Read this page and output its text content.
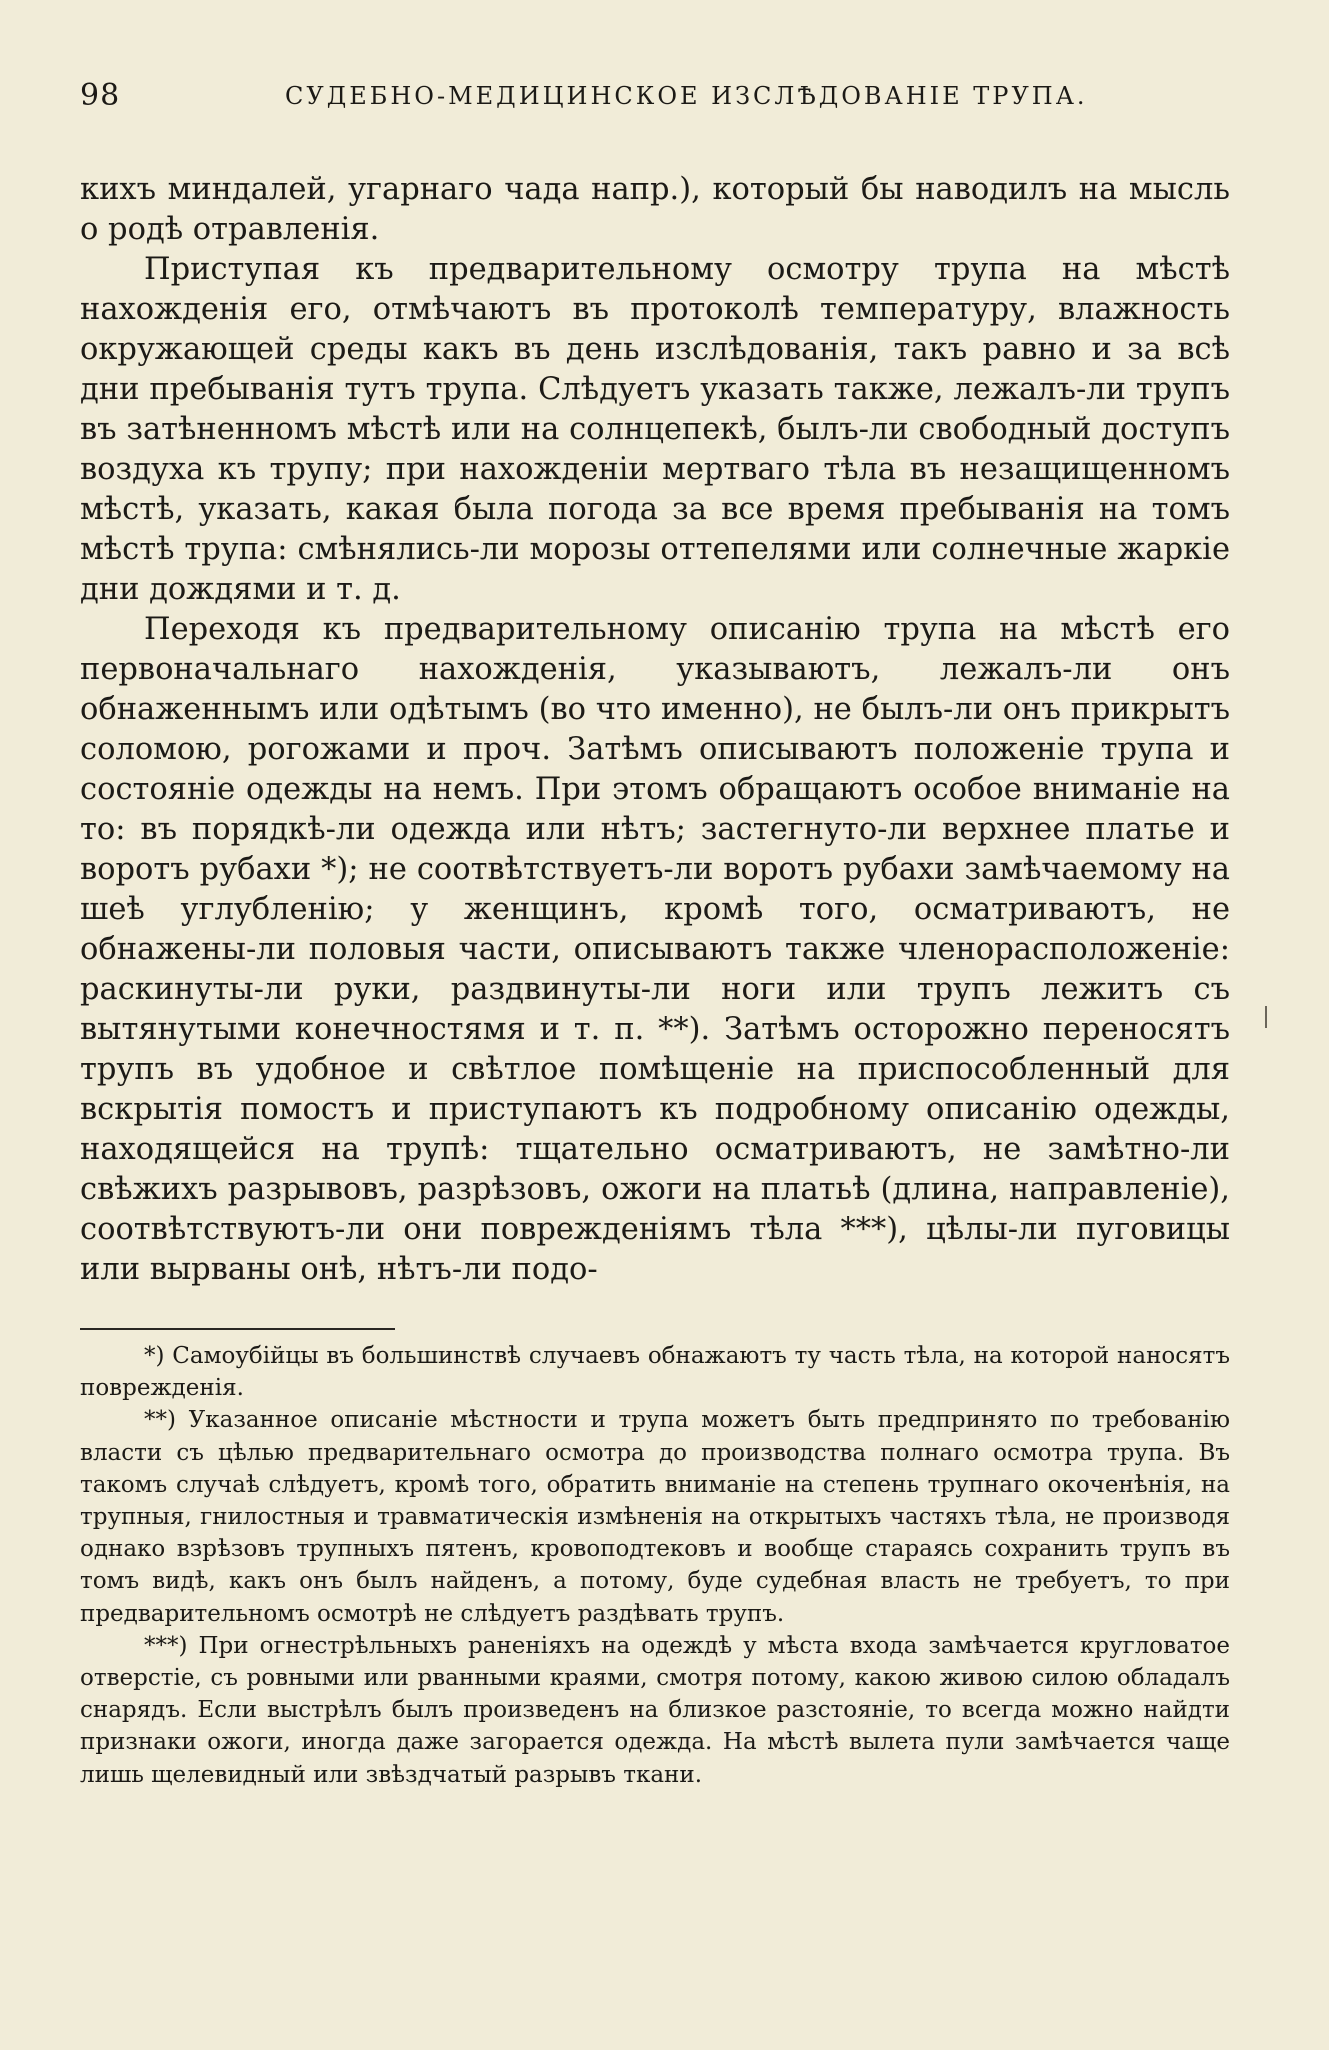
98	СУДЕБНО-МЕДИЦИНСКОЕ ИЗСЛѢДОВАНІЕ ТРУПА.

кихъ миндалей, угарнаго чада напр.), который бы наводилъ на мысль о родѣ отравленія.

Приступая къ предварительному осмотру трупа на мѣстѣ нахожденія его, отмѣчаютъ въ протоколѣ температуру, влажность окружающей среды какъ въ день изслѣдованія, такъ равно и за всѣ дни пребыванія тутъ трупа. Слѣдуетъ указать также, лежалъ-ли трупъ въ затѣненномъ мѣстѣ или на солнцепекѣ, былъ-ли свободный доступъ воздуха къ трупу; при нахожденіи мертваго тѣла въ незащищенномъ мѣстѣ, указать, какая была погода за все время пребыванія на томъ мѣстѣ трупа: смѣнялись-ли морозы оттепелями или солнечные жаркіе дни дождями и т. д.

Переходя къ предварительному описанію трупа на мѣстѣ его первоначальнаго нахожденія, указываютъ, лежалъ-ли онъ обнаженнымъ или одѣтымъ (во что именно), не былъ-ли онъ прикрытъ соломою, рогожами и проч. Затѣмъ описываютъ положеніе трупа и состояніе одежды на немъ. При этомъ обращаютъ особое вниманіе на то: въ порядкѣ-ли одежда или нѣтъ; застегнуто-ли верхнее платье и воротъ рубахи *); не соотвѣтствуетъ-ли воротъ рубахи замѣчаемому на шеѣ углубленію; у женщинъ, кромѣ того, осматриваютъ, не обнажены-ли половыя части, описываютъ также членорасположеніе: раскинуты-ли руки, раздвинуты-ли ноги или трупъ лежитъ съ вытянутыми конечностямя и т. п. **). Затѣмъ осторожно переносятъ трупъ въ удобное и свѣтлое помѣщеніе на приспособленный для вскрытія помостъ и приступаютъ къ подробному описанію одежды, находящейся на трупѣ: тщательно осматриваютъ, не замѣтно-ли свѣжихъ разрывовъ, разрѣзовъ, ожоги на платьѣ (длина, направленіе), соотвѣтствуютъ-ли они поврежденіямъ тѣла ***), цѣлы-ли пуговицы или вырваны онѣ, нѣтъ-ли подо-

*) Самоубійцы въ большинствѣ случаевъ обнажаютъ ту часть тѣла, на которой наносятъ поврежденія.

**) Указанное описаніе мѣстности и трупа можетъ быть предпринято по требованію власти съ цѣлью предварительнаго осмотра до производства полнаго осмотра трупа. Въ такомъ случаѣ слѣдуетъ, кромѣ того, обратить вниманіе на степень трупнаго окоченѣнія, на трупныя, гнилостныя и травматическія измѣненія на открытыхъ частяхъ тѣла, не производя однако взрѣзовъ трупныхъ пятенъ, кровоподтековъ и вообще стараясь сохранить трупъ въ томъ видѣ, какъ онъ былъ найденъ, а потому, буде судебная власть не требуетъ, то при предварительномъ осмотрѣ не слѣдуетъ раздѣвать трупъ.

***) При огнестрѣльныхъ раненіяхъ на одеждѣ у мѣста входа замѣчается кругловатое отверстіе, съ ровными или рванными краями, смотря потому, какою живою силою обладалъ снарядъ. Если выстрѣлъ былъ произведенъ на близкое разстояніе, то всегда можно найдти признаки ожоги, иногда даже загорается одежда. На мѣстѣ вылета пули замѣчается чаще лишь щелевидный или звѣздчатый разрывъ ткани.
